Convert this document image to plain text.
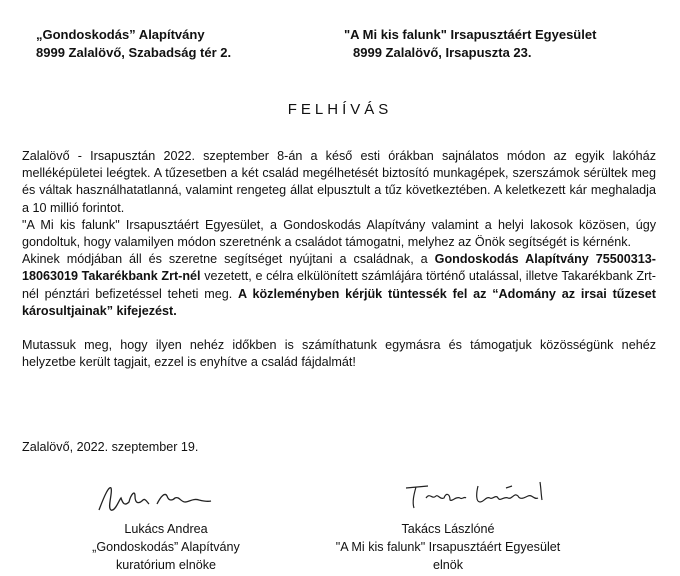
„Gondoskodás” Alapítvány
8999 Zalalövő, Szabadság tér 2.
"A Mi kis falunk" Irsapusztáért Egyesület
8999 Zalalövő, Irsapuszta 23.
FELHÍVÁS

Zalalövő - Irsapusztán 2022. szeptember 8-án a késő esti órákban sajnálatos módon az egyik lakóház melléképületei leégtek. A tűzesetben a két család megélhetését biztosító munkagépek, szerszámok sérültek meg és váltak használhatatlanná, valamint rengeteg állat elpusztult a tűz következtében. A keletkezett kár meghaladja a 10 millió forintot.

"A Mi kis falunk" Irsapusztáért Egyesület, a Gondoskodás Alapítvány valamint a helyi lakosok közösen, úgy gondoltuk, hogy valamilyen módon szeretnénk a családot támogatni, melyhez az Önök segítségét is kérnénk.

Akinek módjában áll és szeretne segítséget nyújtani a családnak, a Gondoskodás Alapítvány 75500313-18063019 Takarékbank Zrt-nél vezetett, e célra elkülönített számlájára történő utalással, illetve Takarékbank Zrt-nél pénztári befizetéssel teheti meg. A közleményben kérjük tüntessék fel az “Adomány az irsai tűzeset károsultjainak” kifejezést.

Mutassuk meg, hogy ilyen nehéz időkben is számíthatunk egymásra és támogatjuk közösségünk nehéz helyzetbe került tagjait, ezzel is enyhítve a család fájdalmát!

Zalalövő, 2022. szeptember 19.
Lukács Andrea
„Gondoskodás” Alapítvány
kuratórium elnöke
Takács Lászlóné
"A Mi kis falunk" Irsapusztáért Egyesület
elnök
